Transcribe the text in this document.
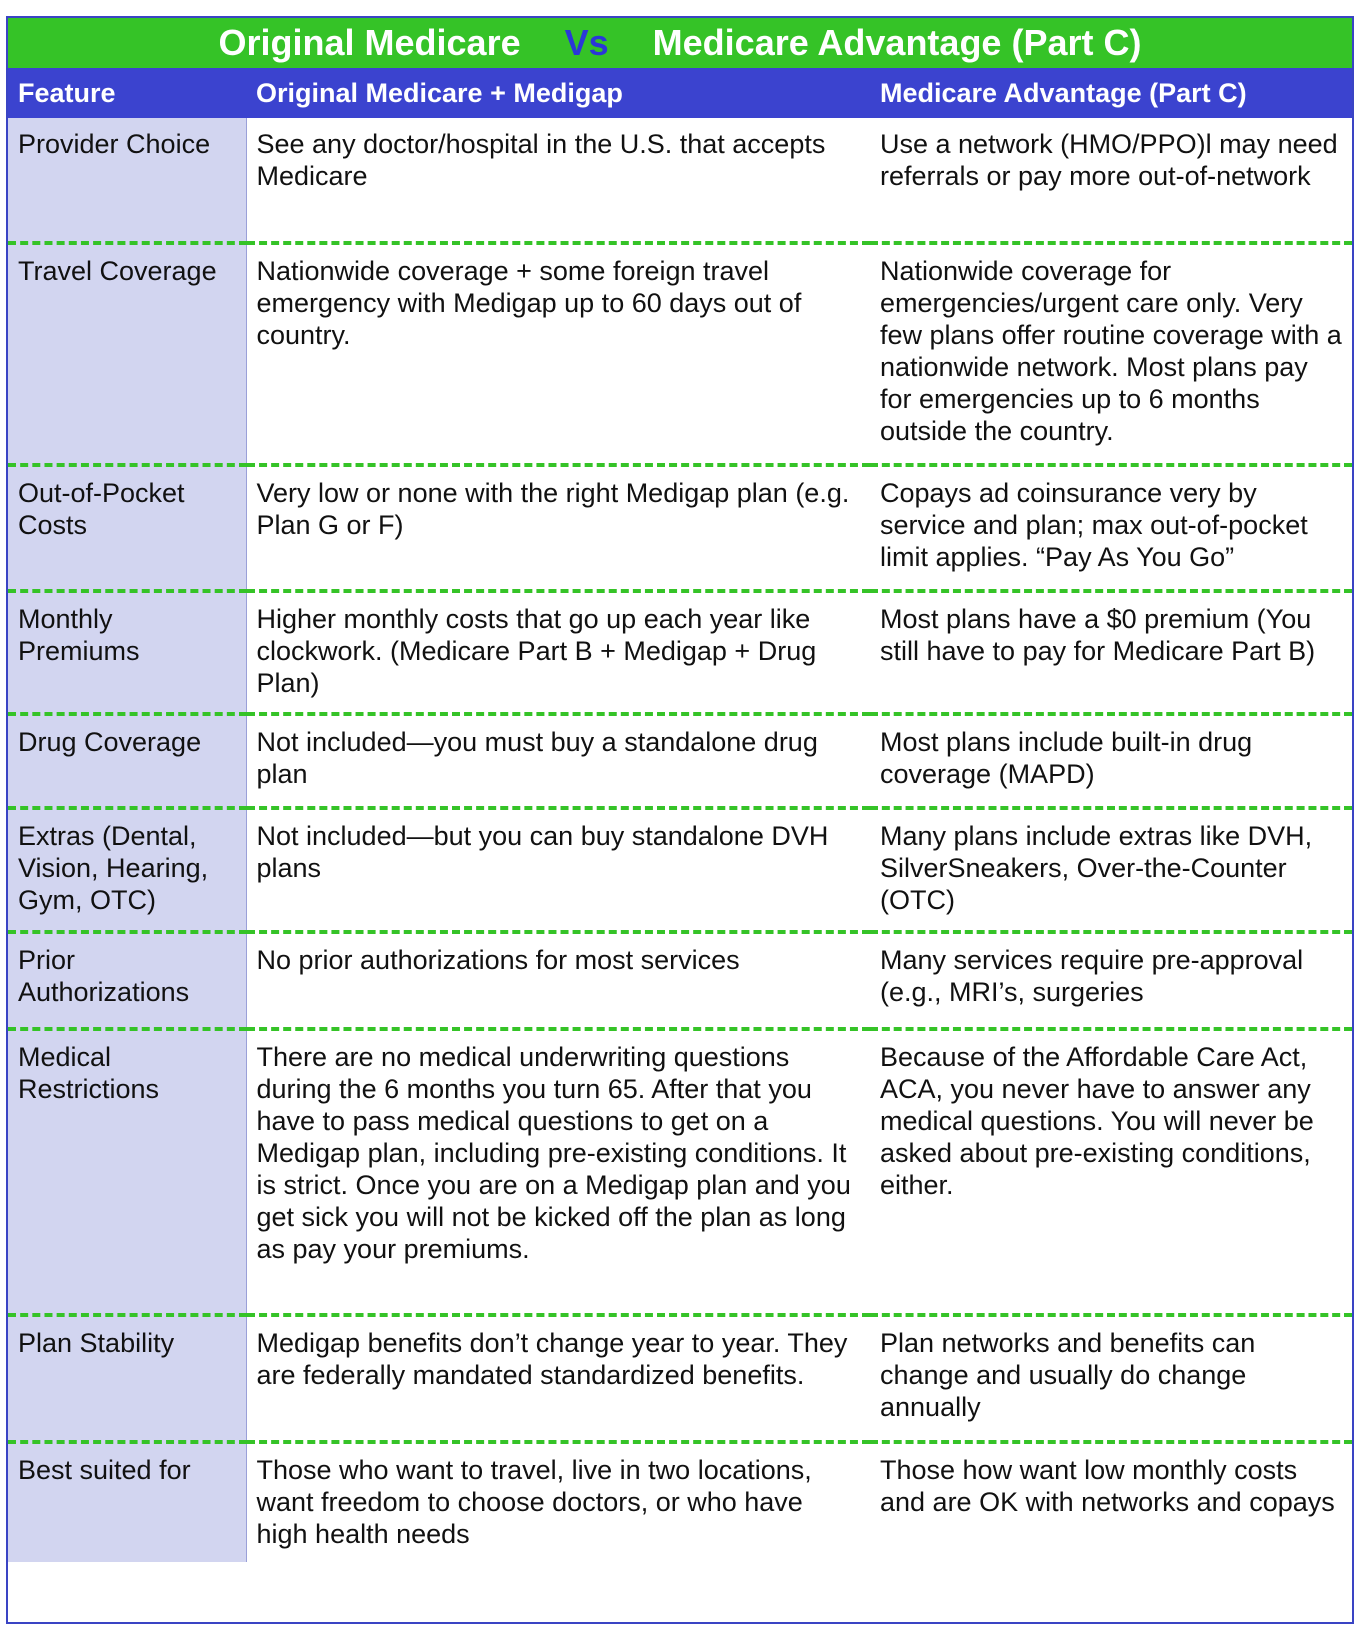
Original Medicare Vs Medicare Advantage (Part C)
Feature	Original Medicare + Medigap	Medicare Advantage (Part C)
Provider Choice	See any doctor/hospital in the U.S. that accepts Medicare	Use a network (HMO/PPO)l may need referrals or pay more out-of-network
Travel Coverage	Nationwide coverage + some foreign travel emergency with Medigap up to 60 days out of country.	Nationwide coverage for emergencies/urgent care only. Very few plans offer routine coverage with a nationwide network. Most plans pay for emergencies up to 6 months outside the country.
Out-of-Pocket Costs	Very low or none with the right Medigap plan (e.g. Plan G or F)	Copays ad coinsurance very by service and plan; max out-of-pocket limit applies. “Pay As You Go”
Monthly Premiums	Higher monthly costs that go up each year like clockwork. (Medicare Part B + Medigap + Drug Plan)	Most plans have a $0 premium (You still have to pay for Medicare Part B)
Drug Coverage	Not included—you must buy a standalone drug plan	Most plans include built-in drug coverage (MAPD)
Extras (Dental, Vision, Hearing, Gym, OTC)	Not included—but you can buy standalone DVH plans	Many plans include extras like DVH, SilverSneakers, Over-the-Counter (OTC)
Prior Authorizations	No prior authorizations for most services	Many services require pre-approval (e.g., MRI’s, surgeries
Medical Restrictions	There are no medical underwriting questions during the 6 months you turn 65. After that you have to pass medical questions to get on a Medigap plan, including pre-existing conditions. It is strict. Once you are on a Medigap plan and you get sick you will not be kicked off the plan as long as pay your premiums.	Because of the Affordable Care Act, ACA, you never have to answer any medical questions. You will never be asked about pre-existing conditions, either.
Plan Stability	Medigap benefits don’t change year to year. They are federally mandated standardized benefits.	Plan networks and benefits can change and usually do change annually
Best suited for	Those who want to travel, live in two locations, want freedom to choose doctors, or who have high health needs	Those how want low monthly costs and are OK with networks and copays
